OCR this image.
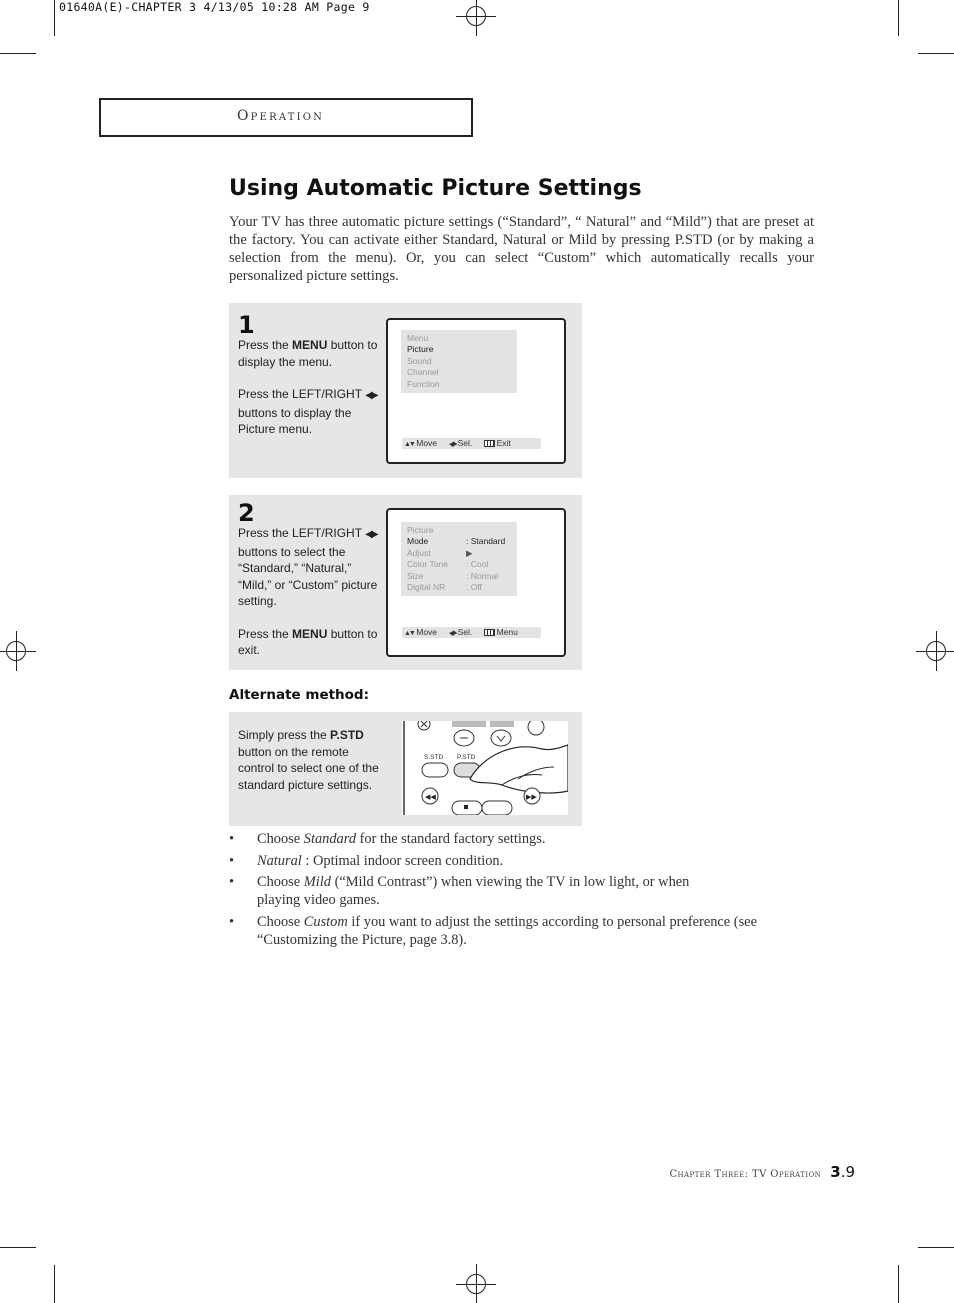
01640A(E)-CHAPTER 3 4/13/05 10:28 AM Page 9
Operation
Using Automatic Picture Settings

Your TV has three automatic picture settings (“Standard”, “ Natural” and “Mild”) that are preset at the factory. You can activate either Standard, Natural or Mild by pressing P.STD (or by making a selection from the menu). Or, you can select “Custom” which automatically recalls your personalized picture settings.

1

Press the MENU button to display the menu.

Press the LEFT/RIGHT ◀▶ buttons to display the Picture menu.

Menu
Picture
Sound
Channel
Function
▲▼ Move ◀▶ Sel.	Exit
2

Press the LEFT/RIGHT ◀▶ buttons to select the “Standard,” “Natural,” “Mild,” or “Custom” picture setting.

Press the MENU button to exit.

Picture
Mode	: Standard
Adjust	▶
Color Tone	: Cool
Size	: Normal
Digital NR	: Off
▲▼ Move ◀▶ Sel.	Menu
Alternate method:
Simply press the P.STD button on the remote control to select one of the standard picture settings.
S.STD P.STD
◀◀	▶▶
• Choose Standard for the standard factory settings.
• Natural : Optimal indoor screen condition.
• Choose Mild (“Mild Contrast”) when viewing the TV in low light, or when playing video games.
• Choose Custom if you want to adjust the settings according to personal preference (see “Customizing the Picture, page 3.8).
Chapter Three: TV Operation 3.9
